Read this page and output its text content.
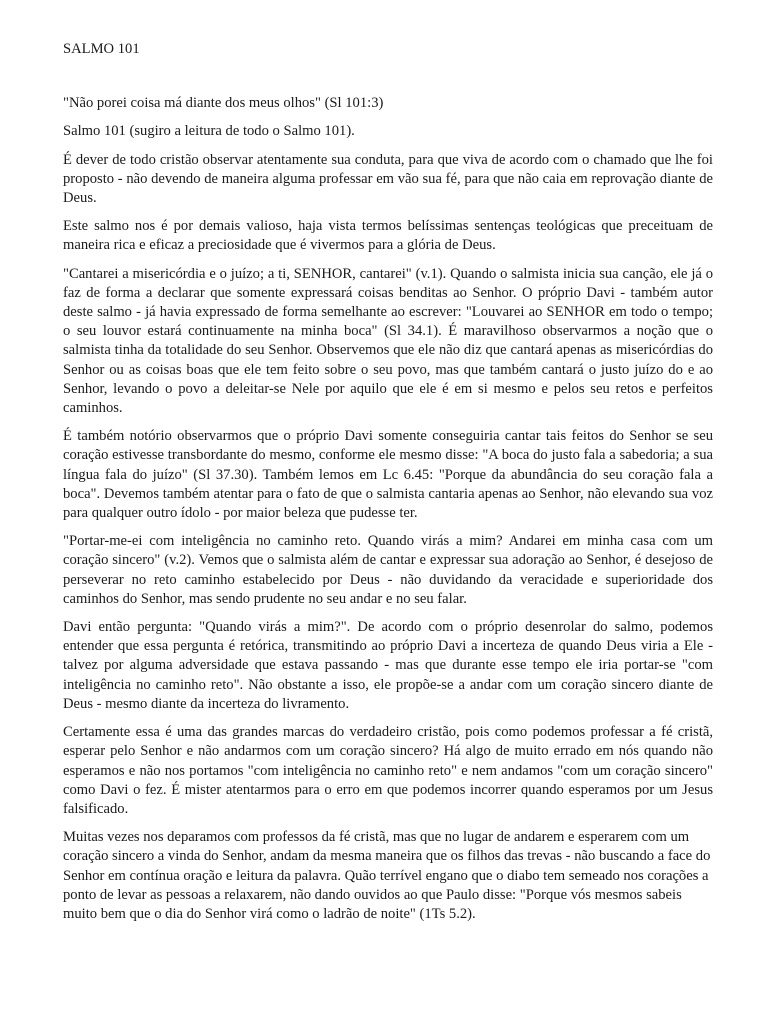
SALMO 101

"Não porei coisa má diante dos meus olhos" (Sl 101:3)

Salmo 101 (sugiro a leitura de todo o Salmo 101).

É dever de todo cristão observar atentamente sua conduta, para que viva de acordo com o chamado que lhe foi proposto - não devendo de maneira alguma professar em vão sua fé, para que não caia em reprovação diante de Deus.

Este salmo nos é por demais valioso, haja vista termos belíssimas sentenças teológicas que preceituam de maneira rica e eficaz a preciosidade que é vivermos para a glória de Deus.

"Cantarei a misericórdia e o juízo; a ti, SENHOR, cantarei" (v.1). Quando o salmista inicia sua canção, ele já o faz de forma a declarar que somente expressará coisas benditas ao Senhor. O próprio Davi - também autor deste salmo - já havia expressado de forma semelhante ao escrever: "Louvarei ao SENHOR em todo o tempo; o seu louvor estará continuamente na minha boca" (Sl 34.1). É maravilhoso observarmos a noção que o salmista tinha da totalidade do seu Senhor. Observemos que ele não diz que cantará apenas as misericórdias do Senhor ou as coisas boas que ele tem feito sobre o seu povo, mas que também cantará o justo juízo do e ao Senhor, levando o povo a deleitar-se Nele por aquilo que ele é em si mesmo e pelos seu retos e perfeitos caminhos.

É também notório observarmos que o próprio Davi somente conseguiria cantar tais feitos do Senhor se seu coração estivesse transbordante do mesmo, conforme ele mesmo disse: "A boca do justo fala a sabedoria; a sua língua fala do juízo" (Sl 37.30). Também lemos em Lc 6.45: "Porque da abundância do seu coração fala a boca". Devemos também atentar para o fato de que o salmista cantaria apenas ao Senhor, não elevando sua voz para qualquer outro ídolo - por maior beleza que pudesse ter.

"Portar-me-ei com inteligência no caminho reto. Quando virás a mim? Andarei em minha casa com um coração sincero" (v.2). Vemos que o salmista além de cantar e expressar sua adoração ao Senhor, é desejoso de perseverar no reto caminho estabelecido por Deus - não duvidando da veracidade e superioridade dos caminhos do Senhor, mas sendo prudente no seu andar e no seu falar.

Davi então pergunta: "Quando virás a mim?". De acordo com o próprio desenrolar do salmo, podemos entender que essa pergunta é retórica, transmitindo ao próprio Davi a incerteza de quando Deus viria a Ele - talvez por alguma adversidade que estava passando - mas que durante esse tempo ele iria portar-se "com inteligência no caminho reto". Não obstante a isso, ele propõe-se a andar com um coração sincero diante de Deus - mesmo diante da incerteza do livramento.

Certamente essa é uma das grandes marcas do verdadeiro cristão, pois como podemos professar a fé cristã, esperar pelo Senhor e não andarmos com um coração sincero? Há algo de muito errado em nós quando não esperamos e não nos portamos "com inteligência no caminho reto" e nem andamos "com um coração sincero" como Davi o fez. É mister atentarmos para o erro em que podemos incorrer quando esperamos por um Jesus falsificado.

Muitas vezes nos deparamos com professos da fé cristã, mas que no lugar de andarem e esperarem com um coração sincero a vinda do Senhor, andam da mesma maneira que os filhos das trevas - não buscando a face do Senhor em contínua oração e leitura da palavra. Quão terrível engano que o diabo tem semeado nos corações a ponto de levar as pessoas a relaxarem, não dando ouvidos ao que Paulo disse: "Porque vós mesmos sabeis muito bem que o dia do Senhor virá como o ladrão de noite" (1Ts 5.2).
